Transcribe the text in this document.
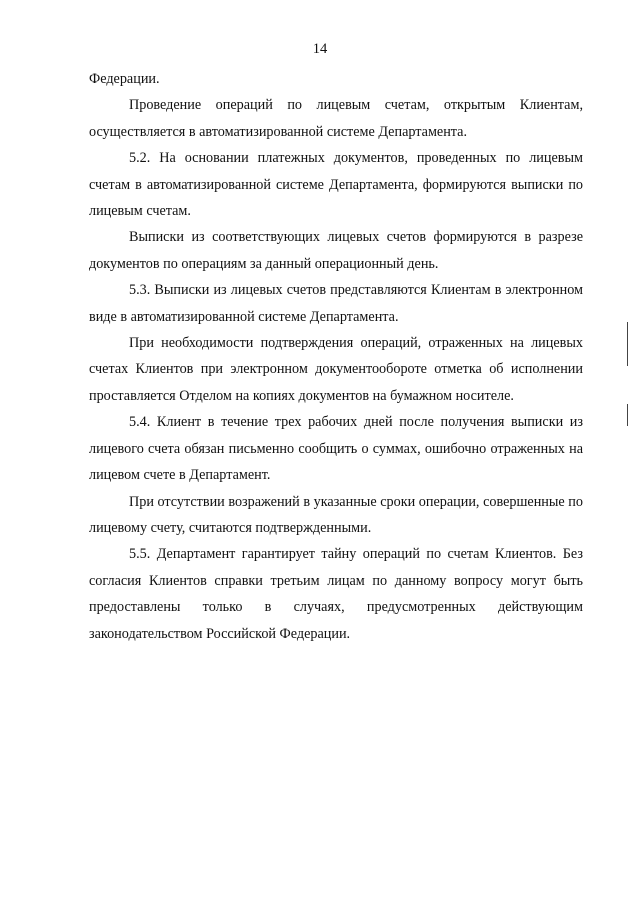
14

Федерации.

Проведение операций по лицевым счетам, открытым Клиентам, осуществляется в автоматизированной системе Департамента.

5.2. На основании платежных документов, проведенных по лицевым счетам в автоматизированной системе Департамента, формируются выписки по лицевым счетам.

Выписки из соответствующих лицевых счетов формируются в разрезе документов по операциям за данный операционный день.

5.3. Выписки из лицевых счетов представляются Клиентам в электронном виде в автоматизированной системе Департамента.

При необходимости подтверждения операций, отраженных на лицевых счетах Клиентов при электронном документообороте отметка об исполнении проставляется Отделом на копиях документов на бумажном носителе.

5.4. Клиент в течение трех рабочих дней после получения выписки из лицевого счета обязан письменно сообщить о суммах, ошибочно отраженных на лицевом счете в Департамент.

При отсутствии возражений в указанные сроки операции, совершенные по лицевому счету, считаются подтвержденными.

5.5. Департамент гарантирует тайну операций по счетам Клиентов. Без согласия Клиентов справки третьим лицам по данному вопросу могут быть предоставлены только в случаях, предусмотренных действующим

законодательством Российской Федерации.
